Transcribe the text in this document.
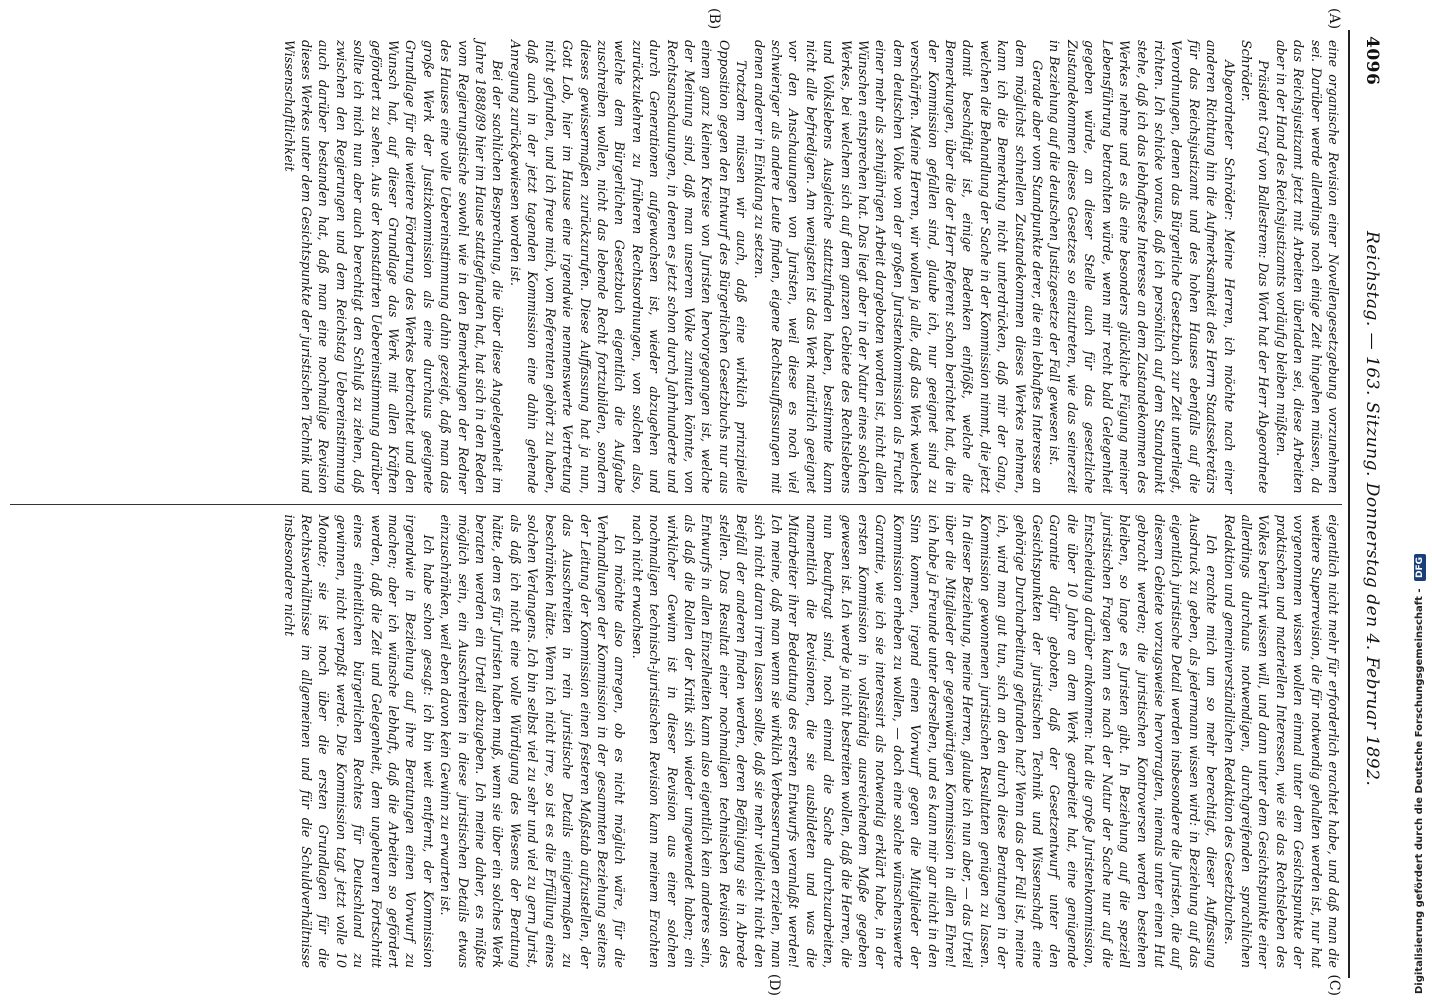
4096
Reichstag. — 163. Sitzung. Donnerstag den 4. Februar 1892.
(A)
(B)

eine organische Revision einer Novellengesetzgebung vorzunehmen sei. Darüber werde allerdings noch einige Zeit hingehen müssen, da das Reichsjustizamt jetzt mit Arbeiten überladen sei, diese Arbeiten aber in der Hand des Reichsjustizamts vorläufig bleiben müßten.

Präsident Graf von Ballestrem: Das Wort hat der Herr Abgeordnete Schröder.

Abgeordneter Schröder: Meine Herren, ich möchte nach einer anderen Richtung hin die Aufmerksamkeit des Herrn Staatssekretärs für das Reichsjustizamt und des hohen Hauses ebenfalls auf die Verordnungen, denen das Bürgerliche Gesetzbuch zur Zeit unterliegt, richten. Ich schicke voraus, daß ich persönlich auf dem Standpunkt stehe, daß ich das lebhafteste Interesse an dem Zustandekommen des Werkes nehme und es als eine besonders glückliche Fügung meiner Lebensführung betrachten würde, wenn mir recht bald Gelegenheit gegeben würde, an dieser Stelle auch für das gesetzliche Zustandekommen dieses Gesetzes so einzutreten, wie das seinerzeit in Beziehung auf die deutschen Justizgesetze der Fall gewesen ist.

Gerade aber vom Standpunkte derer, die ein lebhaftes Interesse an dem möglichst schnellen Zustandekommen dieses Werkes nehmen, kann ich die Bemerkung nicht unterdrücken, daß mir der Gang, welchen die Behandlung der Sache in der Kommission nimmt, die jetzt damit beschäftigt ist, einige Bedenken einflößt, welche die Bemerkungen, über die der Herr Referent schon berichtet hat, die in der Kommission gefallen sind, glaube ich, nur geeignet sind zu verschärfen. Meine Herren, wir wollen ja alle, daß das Werk welches dem deutschen Volke von der großen Juristenkommission als Frucht einer mehr als zehnjährigen Arbeit dargeboten worden ist, nicht allen Wünschen entsprechen hat. Das liegt aber in der Natur eines solchen Werkes, bei welchem sich auf dem ganzen Gebiete des Rechtslebens und Volkslebens Ausgleiche stattzufinden haben, bestimmte kann nicht alle befriedigen. Am wenigsten ist das Werk natürlich geeignet vor den Anschauungen von Juristen, weil diese es noch viel schwieriger als andere Leute finden, eigene Rechtsauffassungen mit denen anderer in Einklang zu setzen.

Trotzdem müssen wir auch, daß eine wirklich prinzipielle Opposition gegen den Entwurf des Bürgerlichen Gesetzbuchs nur aus einem ganz kleinen Kreise von Juristen hervorgegangen ist, welche der Meinung sind, daß man unserem Volke zumuten könnte, von Rechtsanschauungen, in denen es jetzt schon durch Jahrhunderte und durch Generationen aufgewachsen ist, wieder abzugehen und zurückzukehren zu früheren Rechtsordnungen, von solchen also, welche dem Bürgerlichen Gesetzbuch eigentlich die Aufgabe zuschreiben wollen, nicht das lebende Recht fortzubilden, sondern dieses gewissermaßen zurückzurufen. Diese Auffassung hat ja nun, Gott Lob, hier im Hause eine irgendwie nennenswerte Vertretung nicht gefunden, und ich freue mich, vom Referenten gehört zu haben, daß auch in der jetzt tagenden Kommission eine dahin gehende Anregung zurückgewiesen worden ist.

Bei der sachlichen Besprechung, die über diese Angelegenheit im Jahre 1888/89 hier im Hause stattgefunden hat, hat sich in den Reden vom Regierungstische sowohl wie in den Bemerkungen der Redner des Hauses eine volle Uebereinstimmung dahin gezeigt, daß man das große Werk der Justizkommission als eine durchaus geeignete Grundlage für die weitere Förderung des Werkes betrachtet und den Wunsch hat, auf dieser Grundlage das Werk mit allen Kräften gefördert zu sehen. Aus der konstatirten Uebereinstimmung darüber sollte ich mich nun aber auch berechtigt den Schluß zu ziehen, daß zwischen den Regierungen und dem Reichstag Uebereinstimmung auch darüber bestanden hat, daß man eine nochmalige Revision dieses Werkes unter dem Gesichtspunkte der juristischen Technik und Wissenschaftlichkeit

eigentlich nicht mehr für erforderlich erachtet habe, und daß man die weitere Superrevision, die für notwendig gehalten werden ist, nur hat vorgenommen wissen wollen einmal unter dem Gesichtspunkte der praktischen und materiellen Interessen, wie sie das Rechtsleben des Volkes berührt wissen will, und dann unter dem Gesichtspunkte einer allerdings durchaus notwendigen, durchgreifenden sprachlichen Redaktion und gemeinverständlichen Redaktion des Gesetzbuches.

Ich erachte mich um so mehr berechtigt, dieser Auffassung Ausdruck zu geben, als jedermann wissen wird: in Beziehung auf das eigentlich juristische Detail werden insbesondere die Juristen, die auf diesem Gebiete vorzugsweise hervorragten, niemals unter einen Hut gebracht werden; die juristischen Kontroversen werden bestehen bleiben, so lange es Juristen gibt. In Beziehung auf die speziell juristischen Fragen kann es nach der Natur der Sache nur auf die Entscheidung darüber ankommen: hat die große Juristenkommission, die über 10 Jahre an dem Werk gearbeitet hat, eine genügende Garantie dafür geboten, daß der Gesetzentwurf unter den Gesichtspunkten der juristischen Technik und Wissenschaft eine gehörige Durcharbeitung gefunden hat? Wenn das der Fall ist, meine ich, wird man gut tun, sich an den durch diese Beratungen in der Kommission gewonnenen juristischen Resultaten genügen zu lassen. In dieser Beziehung, meine Herren, glaube ich nun aber, — das Urteil über die Mitglieder der gegenwärtigen Kommission in allen Ehren! ich habe ja Freunde unter derselben, und es kann mir gar nicht in den Sinn kommen, irgend einen Vorwurf gegen die Mitglieder der Kommission erheben zu wollen, — doch eine solche wünschenswerte Garantie, wie ich sie interessirt als notwendig erklärt habe, in der ersten Kommission in vollständig ausreichendem Maße gegeben gewesen ist. Ich werde ja nicht bestreiten wollen, daß die Herren, die nun beauftragt sind, noch einmal die Sache durchzuarbeiten, namentlich die Revisionen, die sie ausbildeten und was die Mitarbeiter ihrer Bedeutung des ersten Entwurfs veranlaßt werden! Ich meine, daß man wenn sie wirklich Verbesserungen erzielen, man sich nicht daran irren lassen sollte, daß sie mehr vielleicht nicht den Beifall der anderen finden werden, deren Befähigung sie in Abrede stellen. Das Resultat einer nochmaligen technischen Revision des Entwurfs in allen Einzelheiten kann also eigentlich kein anderes sein, als daß die Rollen der Kritik sich wieder umgewendet haben; ein wirklicher Gewinn ist in dieser Revision aus einer solchen nochmaligen technisch-juristischen Revision kann meinem Erachten nach nicht erwachsen.

Ich möchte also anregen, ob es nicht möglich wäre, für die Verhandlungen der Kommission in der gesammten Beziehung seitens der Leitung der Kommission einen festeren Maßstab aufzustellen, der das Ausschreiten in rein juristische Details einigermaßen zu beschränken hätte. Wenn ich nicht irre, so ist es die Erfüllung eines solchen Verlangens. Ich bin selbst viel zu sehr und viel zu gern Jurist, als daß ich nicht eine volle Würdigung des Wesens der Beratung hätte, dem es für Juristen haben muß, wenn sie über ein solches Werk beraten werden ein Urteil abzugeben. Ich meine daher, es müßte möglich sein, ein Ausschreiten in diese juristischen Details etwas einzuschränken, weil eben davon kein Gewinn zu erwarten ist.

Ich habe schon gesagt: ich bin weit entfernt, der Kommission irgendwie in Beziehung auf ihre Beratungen einen Vorwurf zu machen; aber ich wünsche lebhaft, daß die Arbeiten so gefördert werden, daß die Zeit und Gelegenheit, dem ungeheuren Fortschritt eines einheitlichen bürgerlichen Rechtes für Deutschland zu gewinnen, nicht verpaßt werde. Die Kommission tagt jetzt volle 10 Monate; sie ist noch über die ersten Grundlagen für die Rechtsverhältnisse im allgemeinen und für die Schuldverhältnisse insbesondere nicht

(C)
(D)	Digitalisierung gefördert durch die Deutsche Forschungsgemeinschaft - DFG
